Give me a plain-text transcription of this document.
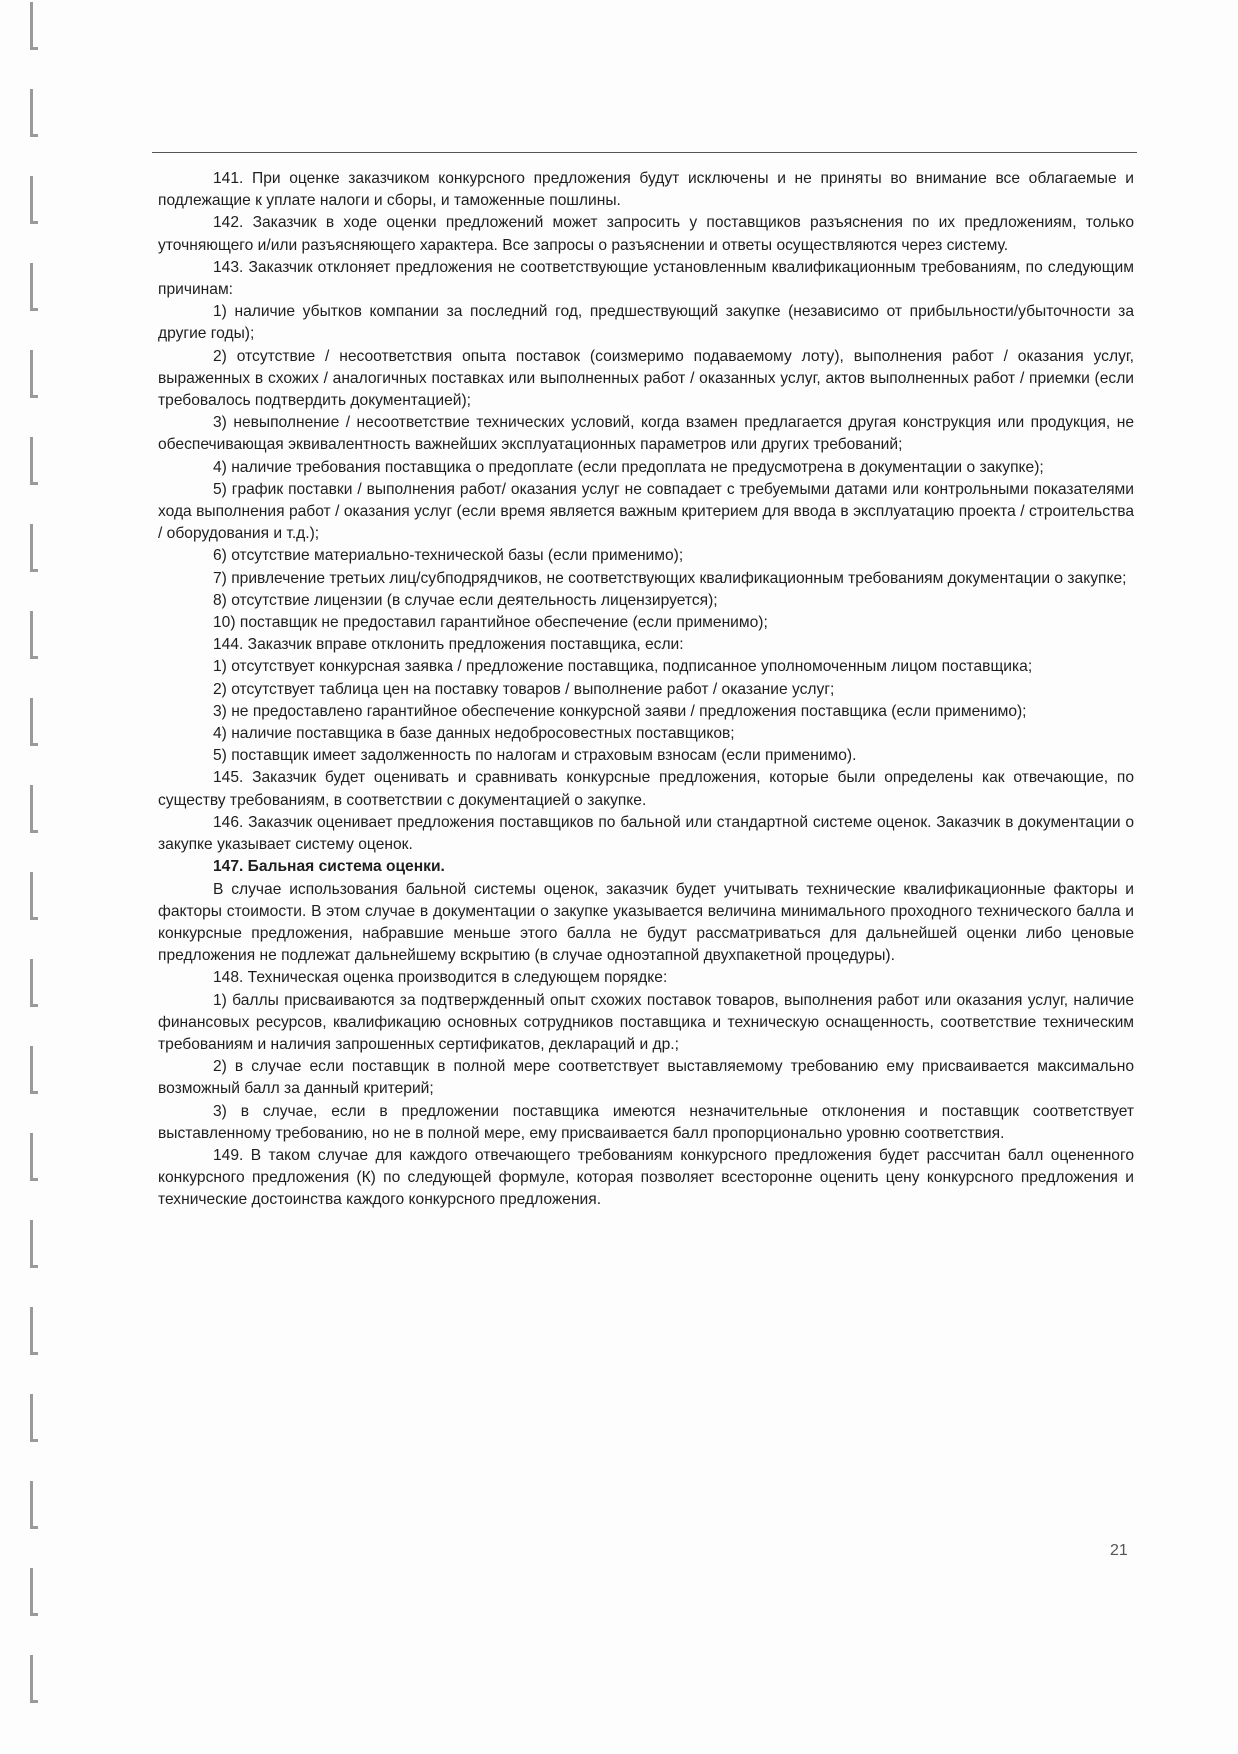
141. При оценке заказчиком конкурсного предложения будут исключены и не приняты во внимание все облагаемые и подлежащие к уплате налоги и сборы, и таможенные пошлины.

142. Заказчик в ходе оценки предложений может запросить у поставщиков разъяснения по их предложениям, только уточняющего и/или разъясняющего характера. Все запросы о разъяснении и ответы осуществляются через систему.

143. Заказчик отклоняет предложения не соответствующие установленным квалификационным требованиям, по следующим причинам:

1) наличие убытков компании за последний год, предшествующий закупке (независимо от прибыльности/убыточности за другие годы);

2) отсутствие / несоответствия опыта поставок (соизмеримо подаваемому лоту), выполнения работ / оказания услуг, выраженных в схожих / аналогичных поставках или выполненных работ / оказанных услуг, актов выполненных работ / приемки (если требовалось подтвердить документацией);

3) невыполнение / несоответствие технических условий, когда взамен предлагается другая конструкция или продукция, не обеспечивающая эквивалентность важнейших эксплуатационных параметров или других требований;

4) наличие требования поставщика о предоплате (если предоплата не предусмотрена в документации о закупке);

5) график поставки / выполнения работ/ оказания услуг не совпадает с требуемыми датами или контрольными показателями хода выполнения работ / оказания услуг (если время является важным критерием для ввода в эксплуатацию проекта / строительства / оборудования и т.д.);

6) отсутствие материально-технической базы (если применимо);

7) привлечение третьих лиц/субподрядчиков, не соответствующих квалификационным требованиям документации о закупке;

8) отсутствие лицензии (в случае если деятельность лицензируется);

10) поставщик не предоставил гарантийное обеспечение (если применимо);

144. Заказчик вправе отклонить предложения поставщика, если:

1) отсутствует конкурсная заявка / предложение поставщика, подписанное уполномоченным лицом поставщика;

2) отсутствует таблица цен на поставку товаров / выполнение работ / оказание услуг;

3) не предоставлено гарантийное обеспечение конкурсной заяви / предложения поставщика (если применимо);

4) наличие поставщика в базе данных недобросовестных поставщиков;

5) поставщик имеет задолженность по налогам и страховым взносам (если применимо).

145. Заказчик будет оценивать и сравнивать конкурсные предложения, которые были определены как отвечающие, по существу требованиям, в соответствии с документацией о закупке.

146. Заказчик оценивает предложения поставщиков по бальной или стандартной системе оценок. Заказчик в документации о закупке указывает систему оценок.

147. Бальная система оценки.

В случае использования бальной системы оценок, заказчик будет учитывать технические квалификационные факторы и факторы стоимости. В этом случае в документации о закупке указывается величина минимального проходного технического балла и конкурсные предложения, набравшие меньше этого балла не будут рассматриваться для дальнейшей оценки либо ценовые предложения не подлежат дальнейшему вскрытию (в случае одноэтапной двухпакетной процедуры).

148. Техническая оценка производится в следующем порядке:

1) баллы присваиваются за подтвержденный опыт схожих поставок товаров, выполнения работ или оказания услуг, наличие финансовых ресурсов, квалификацию основных сотрудников поставщика и техническую оснащенность, соответствие техническим требованиям и наличия запрошенных сертификатов, деклараций и др.;

2) в случае если поставщик в полной мере соответствует выставляемому требованию ему присваивается максимально возможный балл за данный критерий;

3) в случае, если в предложении поставщика имеются незначительные отклонения и поставщик соответствует выставленному требованию, но не в полной мере, ему присваивается балл пропорционально уровню соответствия.

149. В таком случае для каждого отвечающего требованиям конкурсного предложения будет рассчитан балл оцененного конкурсного предложения (К) по следующей формуле, которая позволяет всесторонне оценить цену конкурсного предложения и технические достоинства каждого конкурсного предложения.

21
